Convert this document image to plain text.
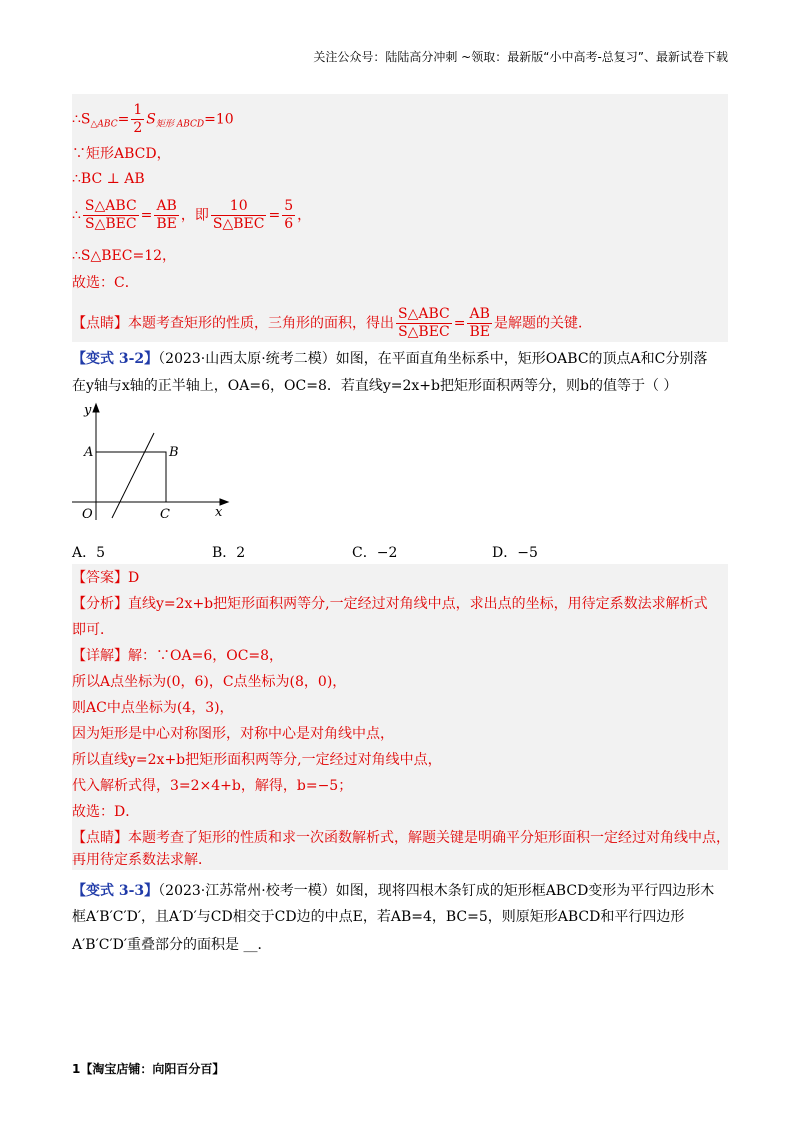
关注公众号：陆陆高分冲刺 ~领取：最新版“小中高考-总复习”、最新试卷下载
$\therefore S_{\triangle ABC}= \frac{1}{2} S_{矩形 ABCD}=10$
∵矩形ABCD，
∴BC ⊥ AB
∴ $\frac{\text{S△ABC}}{\text{S△BEC}} = \frac{AB}{BE}$ ，即 $\frac{10}{\text{S△BEC}} = \frac{5}{6}$ ，
∴S△BEC=12，
故选：C．
【点睛】本题考查矩形的性质，三角形的面积，得出 $\frac{\text{S△ABC}}{\text{S△BEC}} = \frac{AB}{BE}$ 是解题的关键．
【变式 3-2】（2023·山西太原·统考二模）如图，在平面直角坐标系中，矩形OABC的顶点A和C分别落
在y轴与x轴的正半轴上，OA=6，OC=8．若直线y=2x+b把矩形面积两等分，则b的值等于（ ）
y
x
O
A	B
C
A．5	B．2	C．−2	D．−5
【答案】D
【分析】直线y=2x+b把矩形面积两等分,一定经过对角线中点，求出点的坐标，用待定系数法求解析式
即可．
【详解】解：∵OA=6，OC=8，
所以A点坐标为(0，6)，C点坐标为(8，0)，
则AC中点坐标为(4，3)，
因为矩形是中心对称图形，对称中心是对角线中点，
所以直线y=2x+b把矩形面积两等分,一定经过对角线中点，
代入解析式得，3=2×4+b，解得，b=−5；
故选：D．
【点睛】本题考查了矩形的性质和求一次函数解析式，解题关键是明确平分矩形面积一定经过对角线中点，
再用待定系数法求解．
【变式 3-3】（2023·江苏常州·校考一模）如图，现将四根木条钉成的矩形框ABCD变形为平行四边形木
框A′B′C′D′，且A′D′与CD相交于CD边的中点E，若AB=4，BC=5，则原矩形ABCD和平行四边形
A′B′C′D′重叠部分的面积是 __．
1【淘宝店铺：向阳百分百】
